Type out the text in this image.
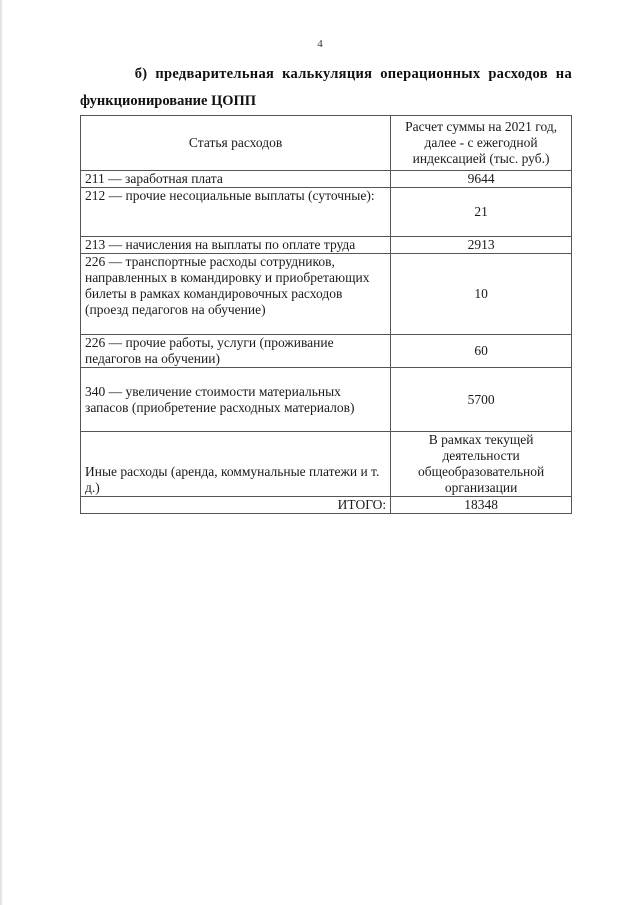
4
б) предварительная калькуляция операционных расходов на
функционирование ЦОПП
Статья расходов	Расчет суммы на 2021 год, далее - с ежегодной индексацией (тыс. руб.)
211 — заработная плата	9644
212 — прочие несоциальные выплаты (суточные):	21
213 — начисления на выплаты по оплате труда	2913
226 — транспортные расходы сотрудников, направленных в командировку и приобретающих билеты в рамках командировочных расходов (проезд педагогов на обучение)	10
226 — прочие работы, услуги (проживание педагогов на обучении)	60
340 — увеличение стоимости материальных запасов (приобретение расходных материалов)	5700
Иные расходы (аренда, коммунальные платежи и т. д.)	В рамках текущей деятельности общеобразовательной организации
ИТОГО:	18348
